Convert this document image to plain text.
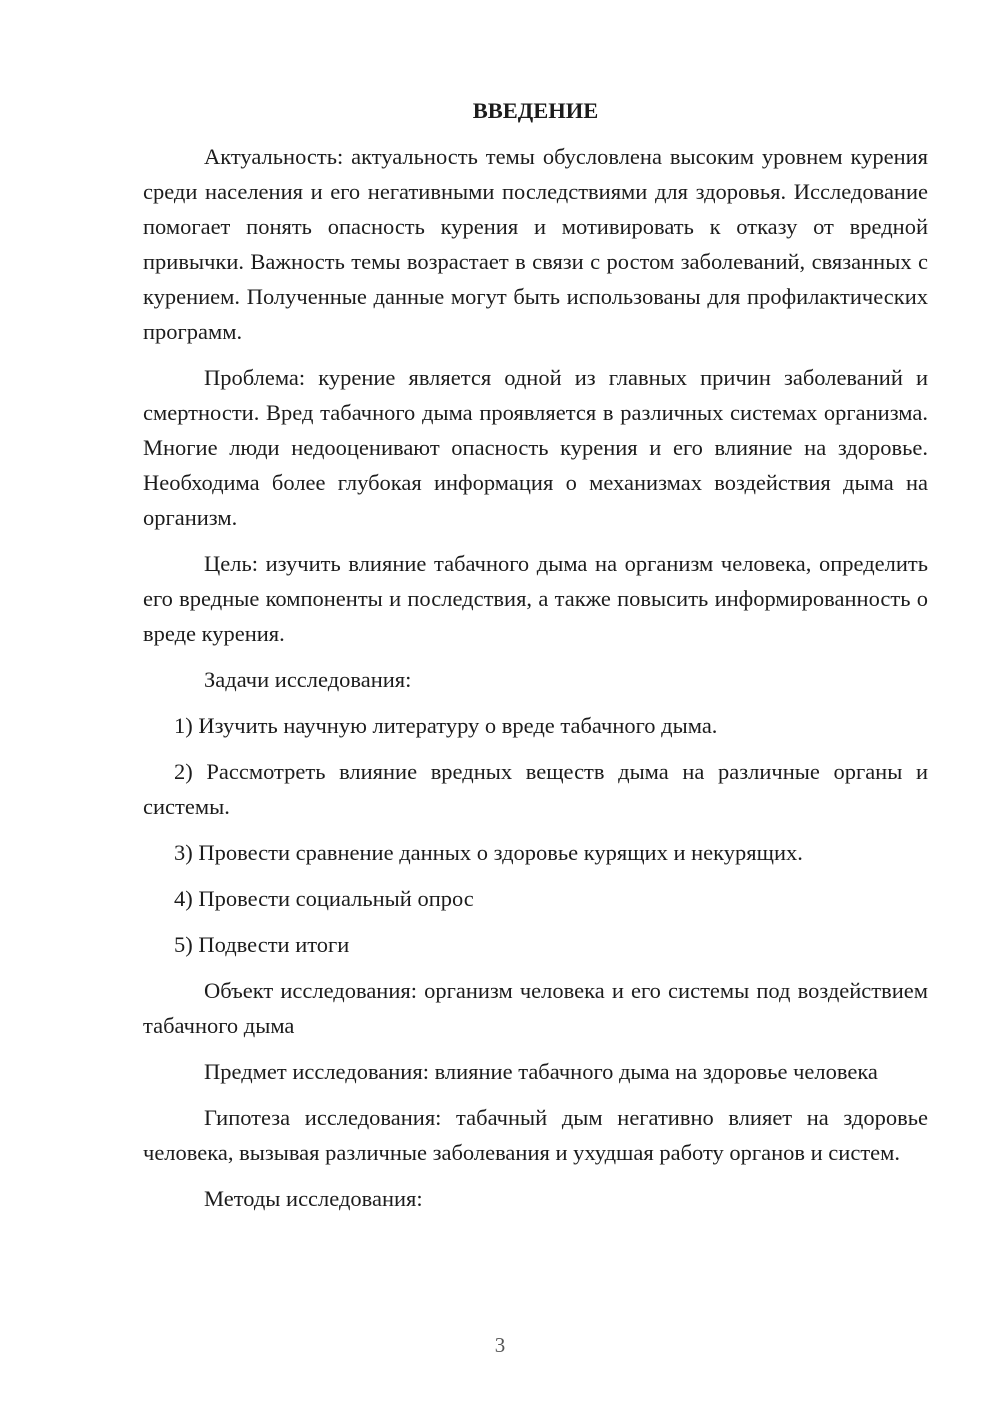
ВВЕДЕНИЕ

Актуальность: актуальность темы обусловлена высоким уровнем курения среди населения и его негативными последствиями для здоровья. Исследование помогает понять опасность курения и мотивировать к отказу от вредной привычки. Важность темы возрастает в связи с ростом заболеваний, связанных с курением. Полученные данные могут быть использованы для профилактических программ.

Проблема: курение является одной из главных причин заболеваний и смертности. Вред табачного дыма проявляется в различных системах организма. Многие люди недооценивают опасность курения и его влияние на здоровье. Необходима более глубокая информация о механизмах воздействия дыма на организм.

Цель: изучить влияние табачного дыма на организм человека, определить его вредные компоненты и последствия, а также повысить информированность о вреде курения.

Задачи исследования:

1) Изучить научную литературу о вреде табачного дыма.

2) Рассмотреть влияние вредных веществ дыма на различные органы и системы.

3) Провести сравнение данных о здоровье курящих и некурящих.

4) Провести социальный опрос

5) Подвести итоги

Объект исследования: организм человека и его системы под воздействием табачного дыма

Предмет исследования: влияние табачного дыма на здоровье человека

Гипотеза исследования: табачный дым негативно влияет на здоровье человека, вызывая различные заболевания и ухудшая работу органов и систем.

Методы исследования:

3
